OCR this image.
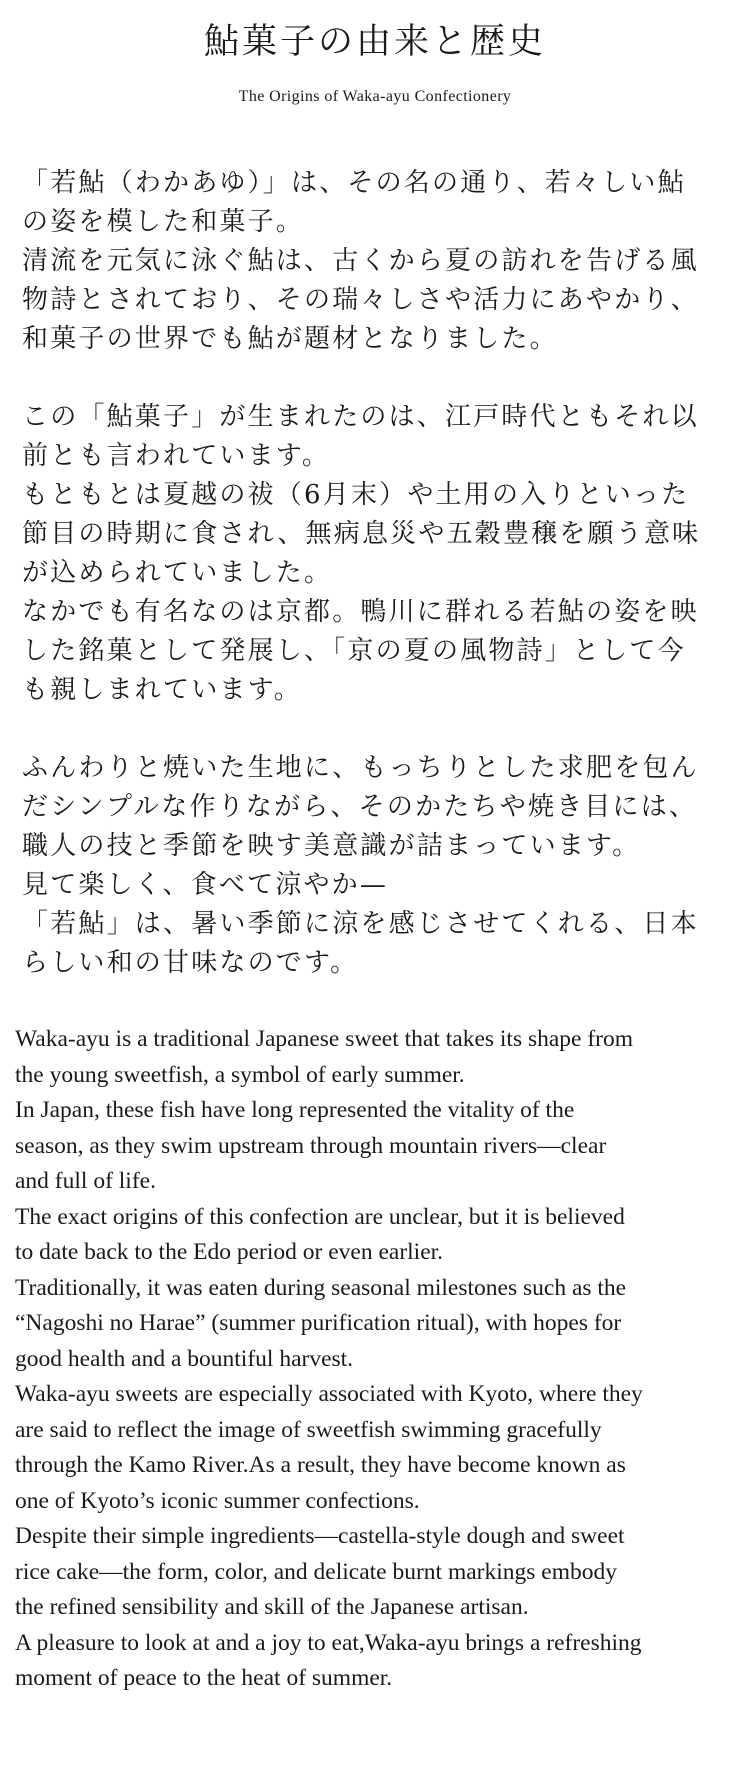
鮎菓子の由来と歴史
The Origins of Waka-ayu Confectionery

「若鮎（わかあゆ）」は、その名の通り、若々しい鮎
の姿を模した和菓子。
清流を元気に泳ぐ鮎は、古くから夏の訪れを告げる風
物詩とされており、その瑞々しさや活力にあやかり、
和菓子の世界でも鮎が題材となりました。

この「鮎菓子」が生まれたのは、江戸時代ともそれ以
前とも言われています。
もともとは夏越の祓（6月末）や土用の入りといった
節目の時期に食され、無病息災や五穀豊穣を願う意味
が込められていました。
なかでも有名なのは京都。鴨川に群れる若鮎の姿を映
した銘菓として発展し、「京の夏の風物詩」として今
も親しまれています。

ふんわりと焼いた生地に、もっちりとした求肥を包ん
だシンプルな作りながら、そのかたちや焼き目には、
職人の技と季節を映す美意識が詰まっています。
見て楽しく、食べて涼やか—
「若鮎」は、暑い季節に涼を感じさせてくれる、日本
らしい和の甘味なのです。

Waka-ayu is a traditional Japanese sweet that takes its shape from
the young sweetfish, a symbol of early summer.
In Japan, these fish have long represented the vitality of the
season, as they swim upstream through mountain rivers—clear
and full of life.
The exact origins of this confection are unclear, but it is believed
to date back to the Edo period or even earlier.
Traditionally, it was eaten during seasonal milestones such as the
“Nagoshi no Harae” (summer purification ritual), with hopes for
good health and a bountiful harvest.
Waka-ayu sweets are especially associated with Kyoto, where they
are said to reflect the image of sweetfish swimming gracefully
through the Kamo River.As a result, they have become known as
one of Kyoto’s iconic summer confections.
Despite their simple ingredients—castella-style dough and sweet
rice cake—the form, color, and delicate burnt markings embody
the refined sensibility and skill of the Japanese artisan.
A pleasure to look at and a joy to eat,Waka-ayu brings a refreshing
moment of peace to the heat of summer.
